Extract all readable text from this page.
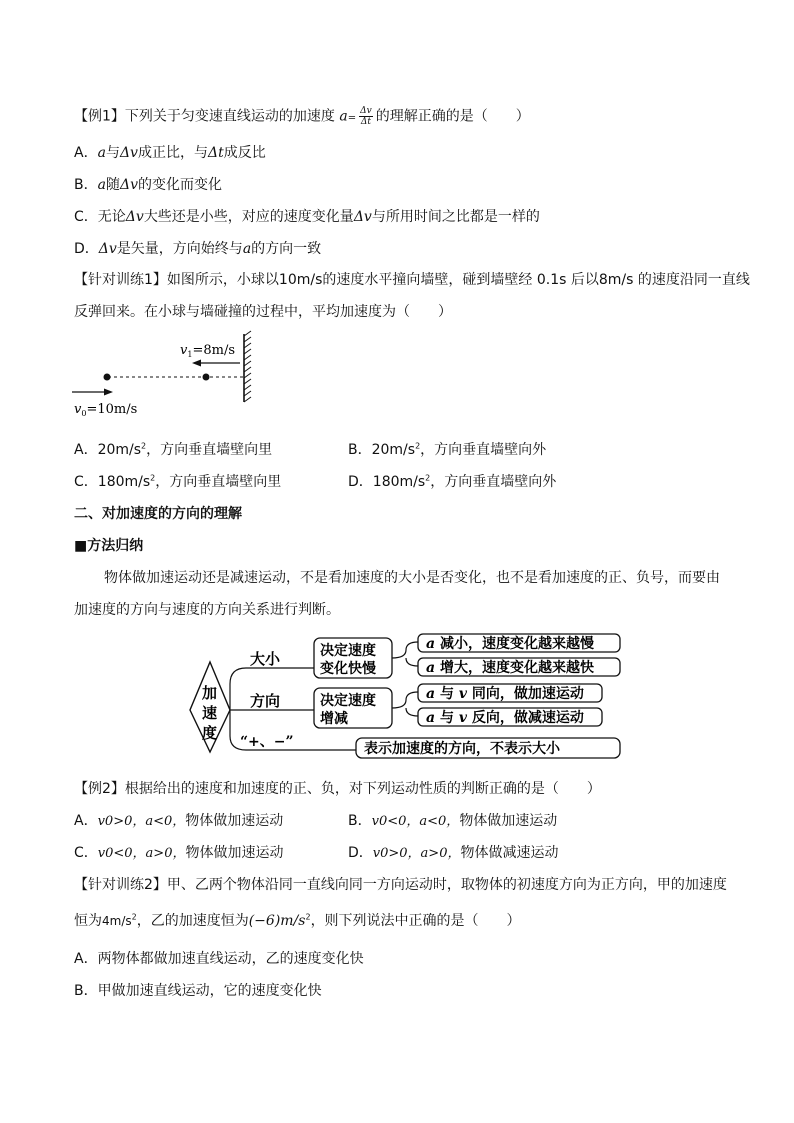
【例1】下列关于匀变速直线运动的加速度 $a= \frac{\Delta v}{\Delta t}$ 的理解正确的是（　　）
A．a与Δv成正比，与Δt成反比
B．a随Δv的变化而变化
C．无论Δv大些还是小些，对应的速度变化量Δv与所用时间之比都是一样的
D．Δv是矢量，方向始终与a的方向一致
【针对训练1】如图所示，小球以10m/s的速度水平撞向墙壁，碰到墙壁经 0.1s 后以8m/s 的速度沿同一直线
反弹回来。在小球与墙碰撞的过程中，平均加速度为（　　）
$v_1=8m/s$
$v_0=10m/s$
A．$20m/s^2$，方向垂直墙壁向里	B．$20m/s^2$，方向垂直墙壁向外
C．$180m/s^2$，方向垂直墙壁向里	D．$180m/s^2$，方向垂直墙壁向外
二、对加速度的方向的理解
■方法归纳
物体做加速运动还是减速运动，不是看加速度的大小是否变化，也不是看加速度的正、负号，而要由
加速度的方向与速度的方向关系进行判断。
加
速
度
大小
方向
“+、−”
决定速度
变化快慢
决定速度
增减
a 减小，速度变化越来越慢
a 增大，速度变化越来越快
a 与 v 同向，做加速运动
a 与 v 反向，做减速运动
表示加速度的方向，不表示大小
【例2】根据给出的速度和加速度的正、负，对下列运动性质的判断正确的是（　　）
A．v0>0，a<0，物体做加速运动	B．v0<0，a<0，物体做加速运动
C．v0<0，a>0，物体做加速运动	D．v0>0，a>0，物体做减速运动
【针对训练2】甲、乙两个物体沿同一直线向同一方向运动时，取物体的初速度方向为正方向，甲的加速度
恒为$4m/s^2$，乙的加速度恒为$(-6)m/s^2$，则下列说法中正确的是（　　）
A．两物体都做加速直线运动，乙的速度变化快
B．甲做加速直线运动，它的速度变化快
